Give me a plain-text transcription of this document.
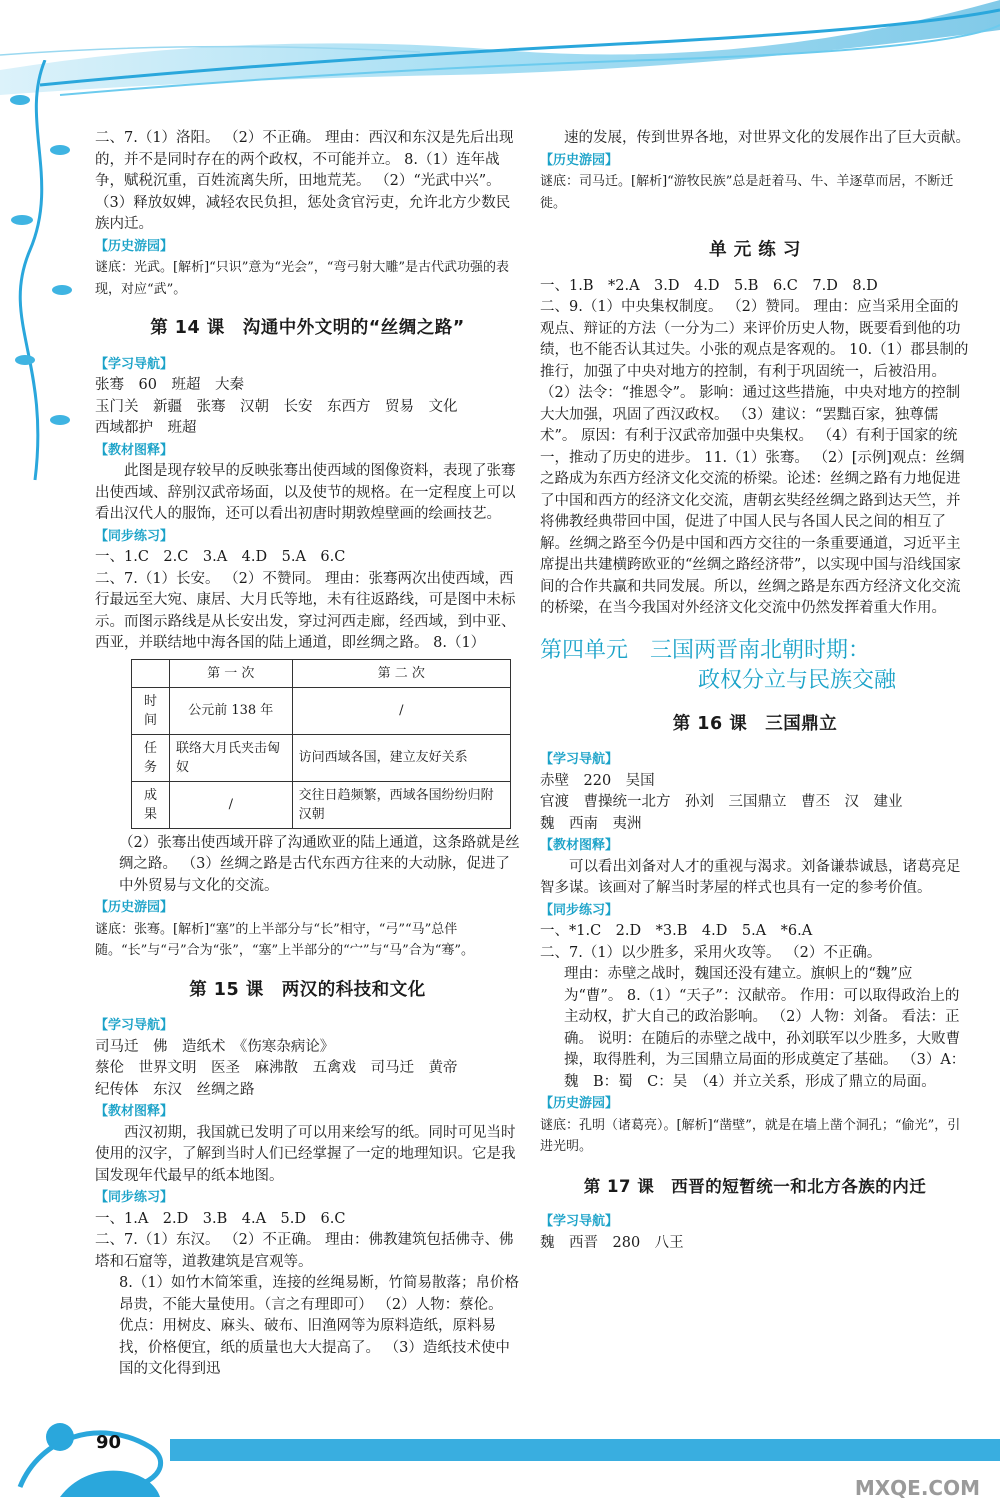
90
MXQE.COM

二、7.（1）洛阳。 （2）不正确。 理由：西汉和东汉是先后出现的，并不是同时存在的两个政权，不可能并立。 8.（1）连年战争，赋税沉重，百姓流离失所，田地荒芜。 （2）“光武中兴”。 （3）释放奴婢，减轻农民负担，惩处贪官污吏，允许北方少数民族内迁。

【历史游园】

谜底：光武。[解析]“只识”意为“光会”，“弯弓射大雕”是古代武功强的表现，对应“武”。

第 14 课　沟通中外文明的“丝绸之路”
【学习导航】

张骞　60　班超　大秦

玉门关　新疆　张骞　汉朝　长安　东西方　贸易　文化

西域都护　班超

【教材图释】

此图是现存较早的反映张骞出使西域的图像资料，表现了张骞出使西域、辞别汉武帝场面，以及使节的规格。在一定程度上可以看出汉代人的服饰，还可以看出初唐时期敦煌壁画的绘画技艺。

【同步练习】

一、1.C　2.C　3.A　4.D　5.A　6.C

二、7.（1）长安。 （2）不赞同。 理由：张骞两次出使西域，西行最远至大宛、康居、大月氏等地，未有往返路线，可是图中未标示。而图示路线是从长安出发，穿过河西走廊，经西域，到中亚、西亚，并联结地中海各国的陆上通道，即丝绸之路。 8.（1）

	第 一 次	第 二 次
时间	公元前 138 年	/
任务	联络大月氏夹击匈奴	访问西域各国，建立友好关系
成果	/	交往日趋频繁，西域各国纷纷归附汉朝

（2）张骞出使西域开辟了沟通欧亚的陆上通道，这条路就是丝绸之路。 （3）丝绸之路是古代东西方往来的大动脉，促进了中外贸易与文化的交流。

【历史游园】

谜底：张骞。[解析]“塞”的上半部分与“长”相守，“弓”“马”总伴随。“长”与“弓”合为“张”，“塞”上半部分的“宀”与“马”合为“骞”。

第 15 课　两汉的科技和文化
【学习导航】

司马迁　佛　造纸术　《伤寒杂病论》

蔡伦　世界文明　医圣　麻沸散　五禽戏　司马迁　黄帝

纪传体　东汉　丝绸之路

【教材图释】

西汉初期，我国就已发明了可以用来绘写的纸。同时可见当时使用的汉字，了解到当时人们已经掌握了一定的地理知识。它是我国发现年代最早的纸本地图。

【同步练习】

一、1.A　2.D　3.B　4.A　5.D　6.C

二、7.（1）东汉。 （2）不正确。 理由：佛教建筑包括佛寺、佛塔和石窟等，道教建筑是宫观等。

8.（1）如竹木简笨重，连接的丝绳易断，竹简易散落；帛价格昂贵，不能大量使用。（言之有理即可） （2）人物：蔡伦。 优点：用树皮、麻头、破布、旧渔网等为原料造纸，原料易找，价格便宜，纸的质量也大大提高了。 （3）造纸技术使中国的文化得到迅

速的发展，传到世界各地，对世界文化的发展作出了巨大贡献。

【历史游园】

谜底：司马迁。[解析]“游牧民族”总是赶着马、牛、羊逐草而居，不断迁徙。

单 元 练 习

一、1.B　*2.A　3.D　4.D　5.B　6.C　7.D　8.D

二、9.（1）中央集权制度。 （2）赞同。 理由：应当采用全面的观点、辩证的方法（一分为二）来评价历史人物，既要看到他的功绩，也不能否认其过失。小张的观点是客观的。 10.（1）郡县制的推行，加强了中央对地方的控制，有利于巩固统一，后被沿用。 （2）法令：“推恩令”。 影响：通过这些措施，中央对地方的控制大大加强，巩固了西汉政权。 （3）建议：“罢黜百家，独尊儒术”。 原因：有利于汉武帝加强中央集权。 （4）有利于国家的统一，推动了历史的进步。 11.（1）张骞。 （2）[示例]观点：丝绸之路成为东西方经济文化交流的桥梁。论述：丝绸之路有力地促进了中国和西方的经济文化交流，唐朝玄奘经丝绸之路到达天竺，并将佛教经典带回中国，促进了中国人民与各国人民之间的相互了解。丝绸之路至今仍是中国和西方交往的一条重要通道，习近平主席提出共建横跨欧亚的“丝绸之路经济带”，以实现中国与沿线国家间的合作共赢和共同发展。所以，丝绸之路是东西方经济文化交流的桥梁，在当今我国对外经济文化交流中仍然发挥着重大作用。

第四单元　三国两晋南北朝时期：
政权分立与民族交融
第 16 课　三国鼎立
【学习导航】

赤壁　220　吴国

官渡　曹操统一北方　孙刘　三国鼎立　曹丕　汉　建业

魏　西南　夷洲

【教材图释】

可以看出刘备对人才的重视与渴求。刘备谦恭诚恳，诸葛亮足智多谋。该画对了解当时茅屋的样式也具有一定的参考价值。

【同步练习】

一、*1.C　2.D　*3.B　4.D　5.A　*6.A

二、7.（1）以少胜多，采用火攻等。 （2）不正确。

理由：赤壁之战时，魏国还没有建立。旗帜上的“魏”应为“曹”。 8.（1）“天子”：汉献帝。 作用：可以取得政治上的主动权，扩大自己的政治影响。 （2）人物：刘备。 看法：正确。 说明：在随后的赤壁之战中，孙刘联军以少胜多，大败曹操，取得胜利，为三国鼎立局面的形成奠定了基础。 （3）A：魏　B：蜀　C：吴　（4）并立关系，形成了鼎立的局面。

【历史游园】

谜底：孔明（诸葛亮）。[解析]“凿壁”，就是在墙上凿个洞孔；“偷光”，引进光明。

第 17 课　西晋的短暂统一和北方各族的内迁
【学习导航】

魏　西晋　280　八王
